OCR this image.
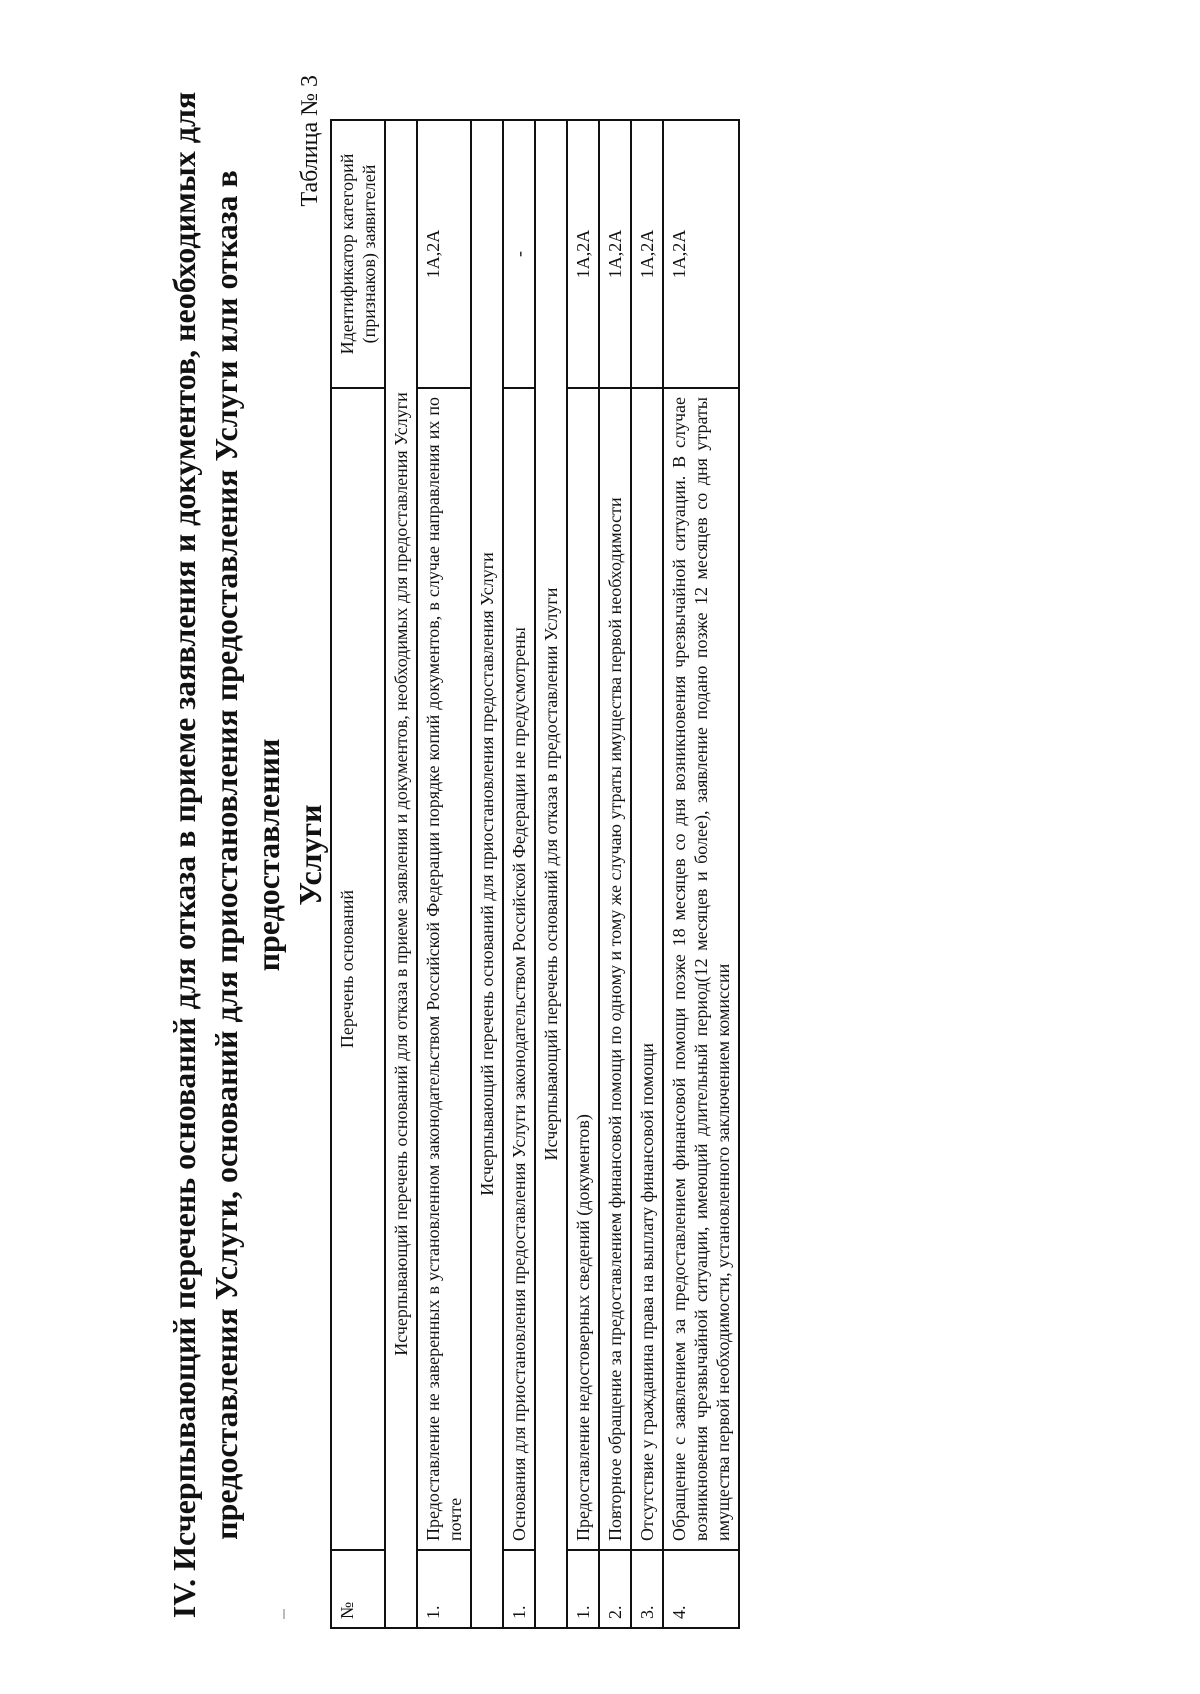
IV. Исчерпывающий перечень оснований для отказа в приеме заявления и документов, необходимых для предоставления Услуги, оснований для приостановления предоставления Услуги или отказа в предоставлении Услуги
Таблица № 3
№	Перечень оснований	Идентификатор категорий (признаков) заявителей
Исчерпывающий перечень оснований для отказа в приеме заявления и документов, необходимых для предоставления Услуги		
1.	Предоставление не заверенных в установленном законодательством Российской Федерации порядке копий документов, в случае направления их по почте	1А,2А
Исчерпывающий перечень оснований для приостановления предоставления Услуги		
1.	Основания для приостановления предоставления Услуги законодательством Российской Федерации не предусмотрены	-
Исчерпывающий перечень оснований для отказа в предоставлении Услуги		
1.	Предоставление недостоверных сведений (документов)	1А,2А
2.	Повторное обращение за предоставлением финансовой помощи по одному и тому же случаю утраты имущества первой необходимости	1А,2А
3.	Отсутствие у гражданина права на выплату финансовой помощи	1А,2А
4.	Обращение с заявлением за предоставлением финансовой помощи позже 18 месяцев со дня возникновения чрезвычайной ситуации. В случае возникновения чрезвычайной ситуации, имеющий длительный период(12 месяцев и более), заявление подано позже 12 месяцев со дня утраты имущества первой необходимости, установленного заключением комиссии	1А,2А
